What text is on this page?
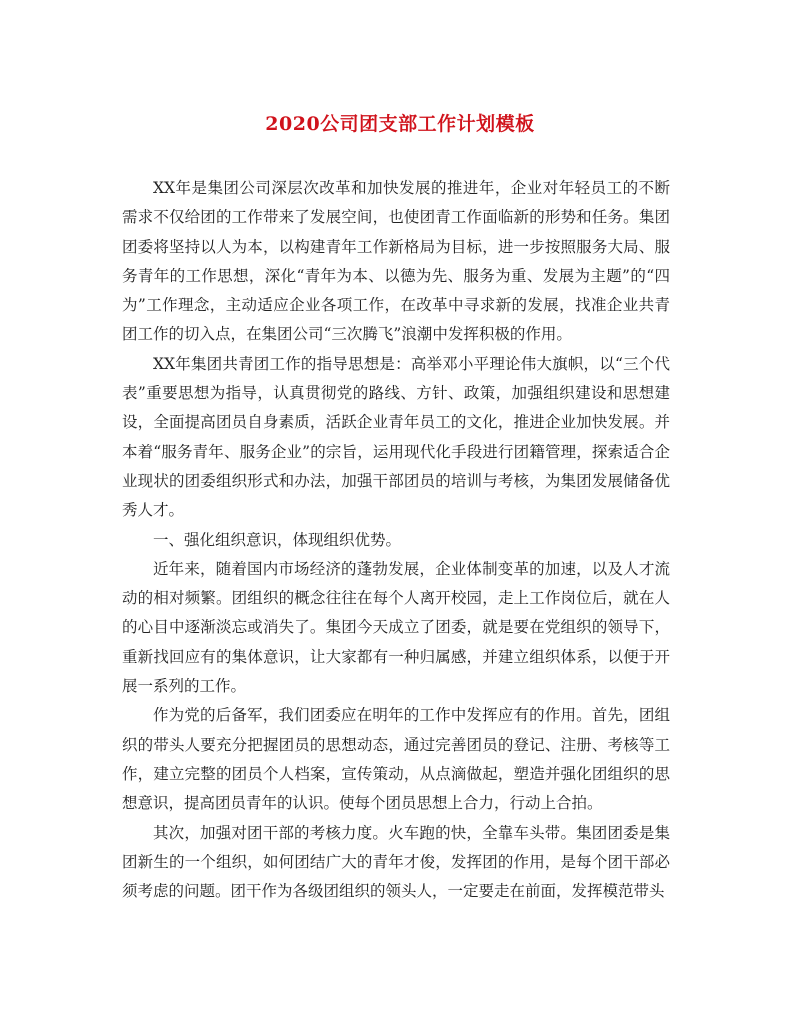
2020公司团支部工作计划模板

XX年是集团公司深层次改革和加快发展的推进年，企业对年轻员工的不断需求不仅给团的工作带来了发展空间，也使团青工作面临新的形势和任务。集团团委将坚持以人为本，以构建青年工作新格局为目标，进一步按照服务大局、服务青年的工作思想，深化“青年为本、以德为先、服务为重、发展为主题”的“四为”工作理念，主动适应企业各项工作，在改革中寻求新的发展，找准企业共青团工作的切入点，在集团公司“三次腾飞”浪潮中发挥积极的作用。

XX年集团共青团工作的指导思想是：高举邓小平理论伟大旗帜，以“三个代表”重要思想为指导，认真贯彻党的路线、方针、政策，加强组织建设和思想建设，全面提高团员自身素质，活跃企业青年员工的文化，推进企业加快发展。并本着“服务青年、服务企业”的宗旨，运用现代化手段进行团籍管理，探索适合企业现状的团委组织形式和办法，加强干部团员的培训与考核，为集团发展储备优秀人才。

一、强化组织意识，体现组织优势。

近年来，随着国内市场经济的蓬勃发展，企业体制变革的加速，以及人才流动的相对频繁。团组织的概念往往在每个人离开校园，走上工作岗位后，就在人的心目中逐渐淡忘或消失了。集团今天成立了团委，就是要在党组织的领导下，重新找回应有的集体意识，让大家都有一种归属感，并建立组织体系，以便于开展一系列的工作。

作为党的后备军，我们团委应在明年的工作中发挥应有的作用。首先，团组织的带头人要充分把握团员的思想动态，通过完善团员的登记、注册、考核等工作，建立完整的团员个人档案，宣传策动，从点滴做起，塑造并强化团组织的思想意识，提高团员青年的认识。使每个团员思想上合力，行动上合拍。

其次，加强对团干部的考核力度。火车跑的快，全靠车头带。集团团委是集团新生的一个组织，如何团结广大的青年才俊，发挥团的作用，是每个团干部必须考虑的问题。团干作为各级团组织的领头人，一定要走在前面，发挥模范带头
